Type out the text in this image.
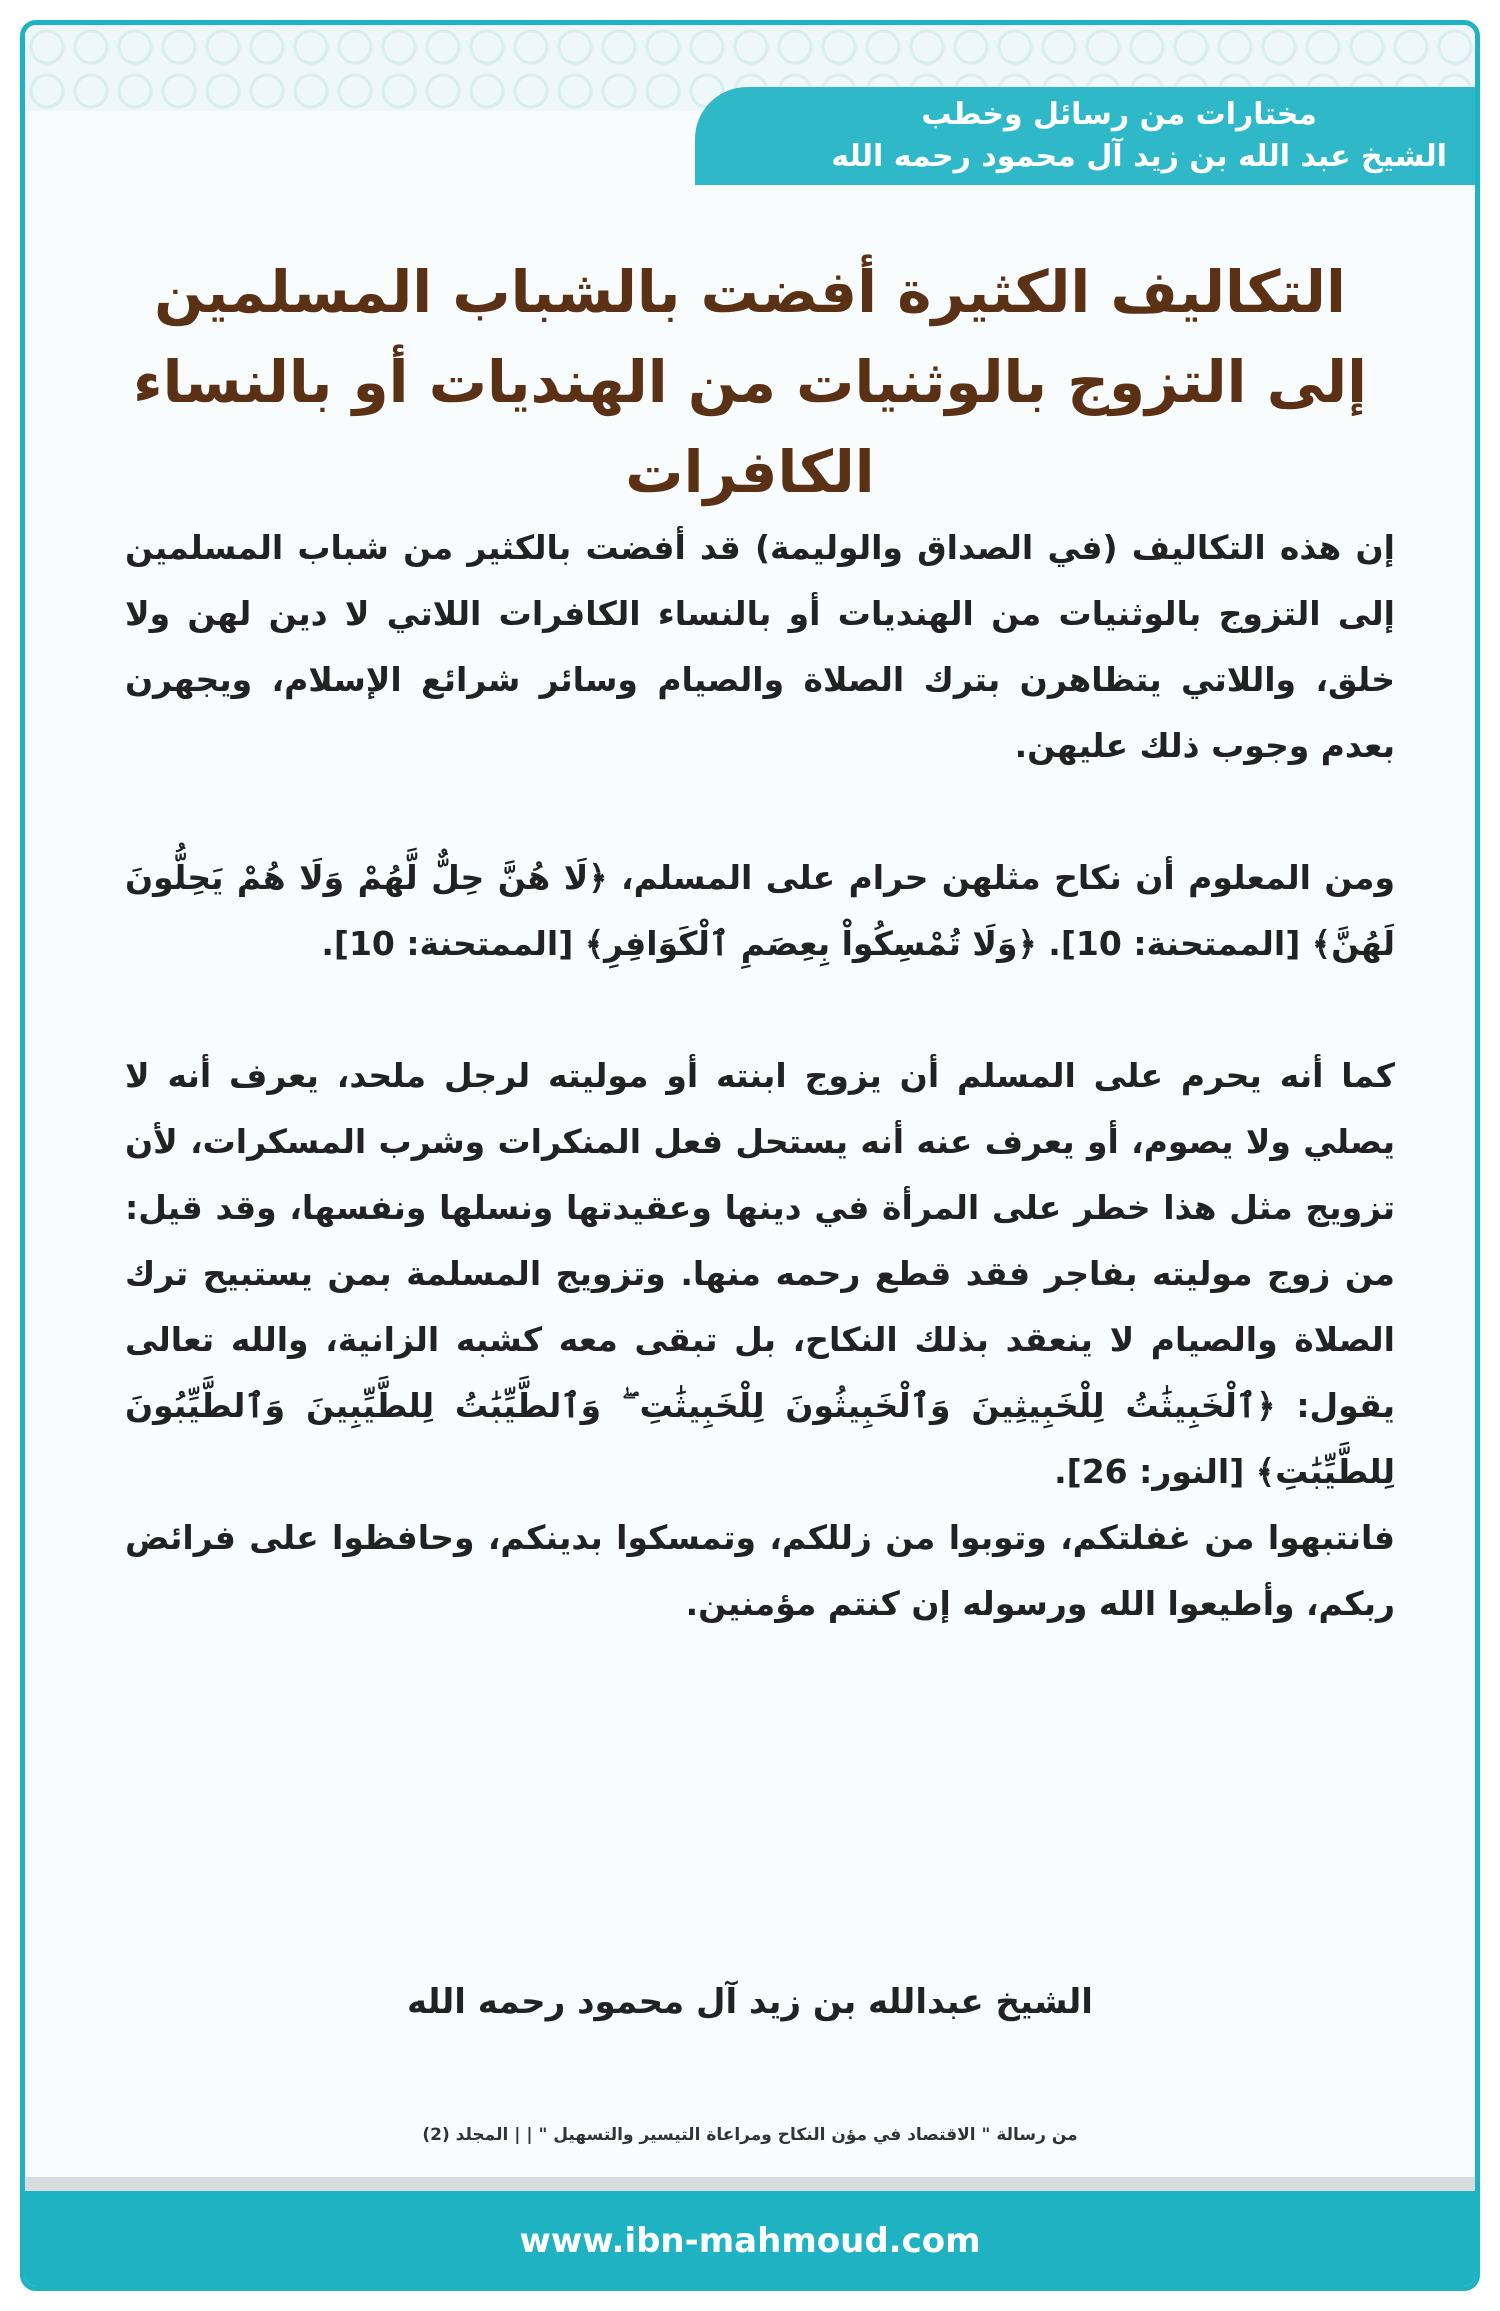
مختارات من رسائل وخطب
الشيخ عبد الله بن زيد آل محمود رحمه الله
التكاليف الكثيرة أفضت بالشباب المسلمين إلى التزوج بالوثنيات من الهنديات أو بالنساء الكافرات

إن هذه التكاليف (في الصداق والوليمة) قد أفضت بالكثير من شباب المسلمين إلى التزوج بالوثنيات من الهنديات أو بالنساء الكافرات اللاتي لا دين لهن ولا خلق، واللاتي يتظاهرن بترك الصلاة والصيام وسائر شرائع الإسلام، ويجهرن بعدم وجوب ذلك عليهن.

ومن المعلوم أن نكاح مثلهن حرام على المسلم، ﴿لَا هُنَّ حِلٌّ لَّهُمْ وَلَا هُمْ يَحِلُّونَ لَهُنَّ﴾ [الممتحنة: 10]. ﴿وَلَا تُمْسِكُواْ بِعِصَمِ ٱلْكَوَافِرِ﴾ [الممتحنة: 10].

كما أنه يحرم على المسلم أن يزوج ابنته أو موليته لرجل ملحد، يعرف أنه لا يصلي ولا يصوم، أو يعرف عنه أنه يستحل فعل المنكرات وشرب المسكرات، لأن تزويج مثل هذا خطر على المرأة في دينها وعقيدتها ونسلها ونفسها، وقد قيل: من زوج موليته بفاجر فقد قطع رحمه منها. وتزويج المسلمة بمن يستبيح ترك الصلاة والصيام لا ينعقد بذلك النكاح، بل تبقى معه كشبه الزانية، والله تعالى يقول: ﴿ٱلْخَبِيثَٰتُ لِلْخَبِيثِينَ وَٱلْخَبِيثُونَ لِلْخَبِيثَٰتِ ۖ وَٱلطَّيِّبَٰتُ لِلطَّيِّبِينَ وَٱلطَّيِّبُونَ لِلطَّيِّبَٰتِ﴾ [النور: 26].

فانتبهوا من غفلتكم، وتوبوا من زللكم، وتمسكوا بدينكم، وحافظوا على فرائض ربكم، وأطيعوا الله ورسوله إن كنتم مؤمنين.

الشيخ عبدالله بن زيد آل محمود رحمه الله
من رسالة " الاقتصاد في مؤن النكاح ومراعاة التيسير والتسهيل " | | المجلد (2)
www.ibn-mahmoud.com
